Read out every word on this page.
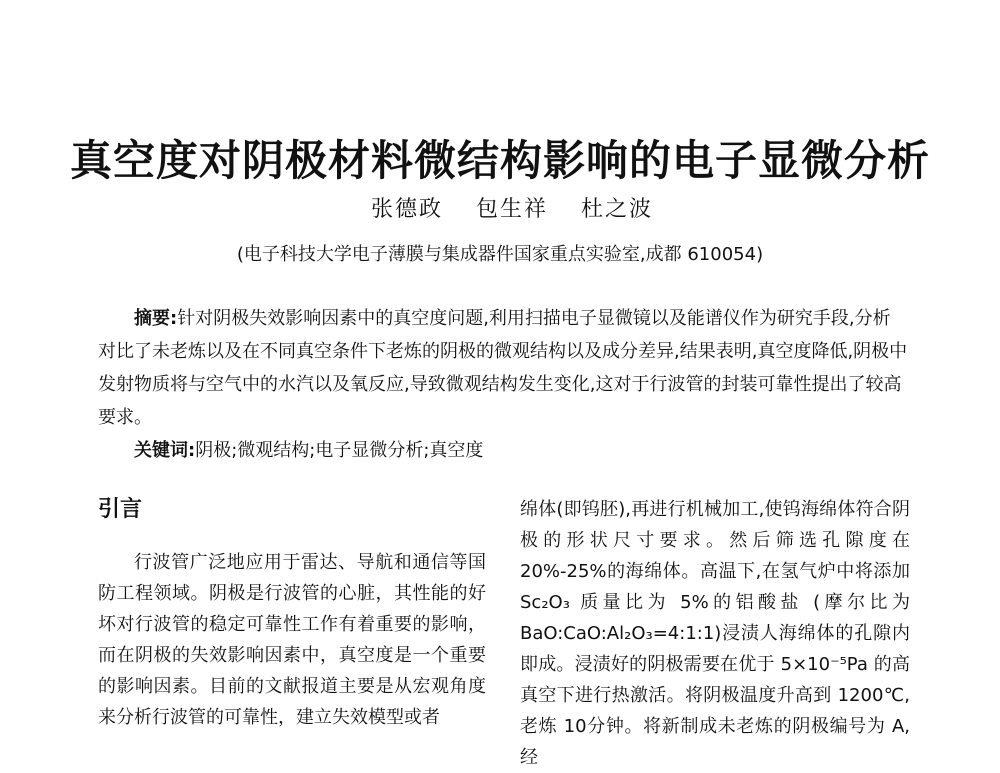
真空度对阴极材料微结构影响的电子显微分析
张德政 包生祥 杜之波
(电子科技大学电子薄膜与集成器件国家重点实验室,成都 610054)

摘要:针对阴极失效影响因素中的真空度问题,利用扫描电子显微镜以及能谱仪作为研究手段,分析对比了未老炼以及在不同真空条件下老炼的阴极的微观结构以及成分差异,结果表明,真空度降低,阴极中发射物质将与空气中的水汽以及氧反应,导致微观结构发生变化,这对于行波管的封装可靠性提出了较高要求。

关键词:阴极;微观结构;电子显微分析;真空度

引言

行波管广泛地应用于雷达、导航和通信等国防工程领域。阴极是行波管的心脏，其性能的好坏对行波管的稳定可靠性工作有着重要的影响，而在阴极的失效影响因素中，真空度是一个重要的影响因素。目前的文献报道主要是从宏观角度来分析行波管的可靠性，建立失效模型或者

绵体(即钨胚),再进行机械加工,使钨海绵体符合阴极的形状尺寸要求。然后筛选孔隙度在 20%-25%的海绵体。高温下,在氢气炉中将添加 Sc₂O₃ 质量比为 5%的铝酸盐 (摩尔比为 BaO:CaO:Al₂O₃=4:1:1)浸渍人海绵体的孔隙内即成。浸渍好的阴极需要在优于 5×10⁻⁵Pa 的高真空下进行热激活。将阴极温度升高到 1200℃,老炼 10分钟。将新制成未老炼的阴极编号为 A,经
